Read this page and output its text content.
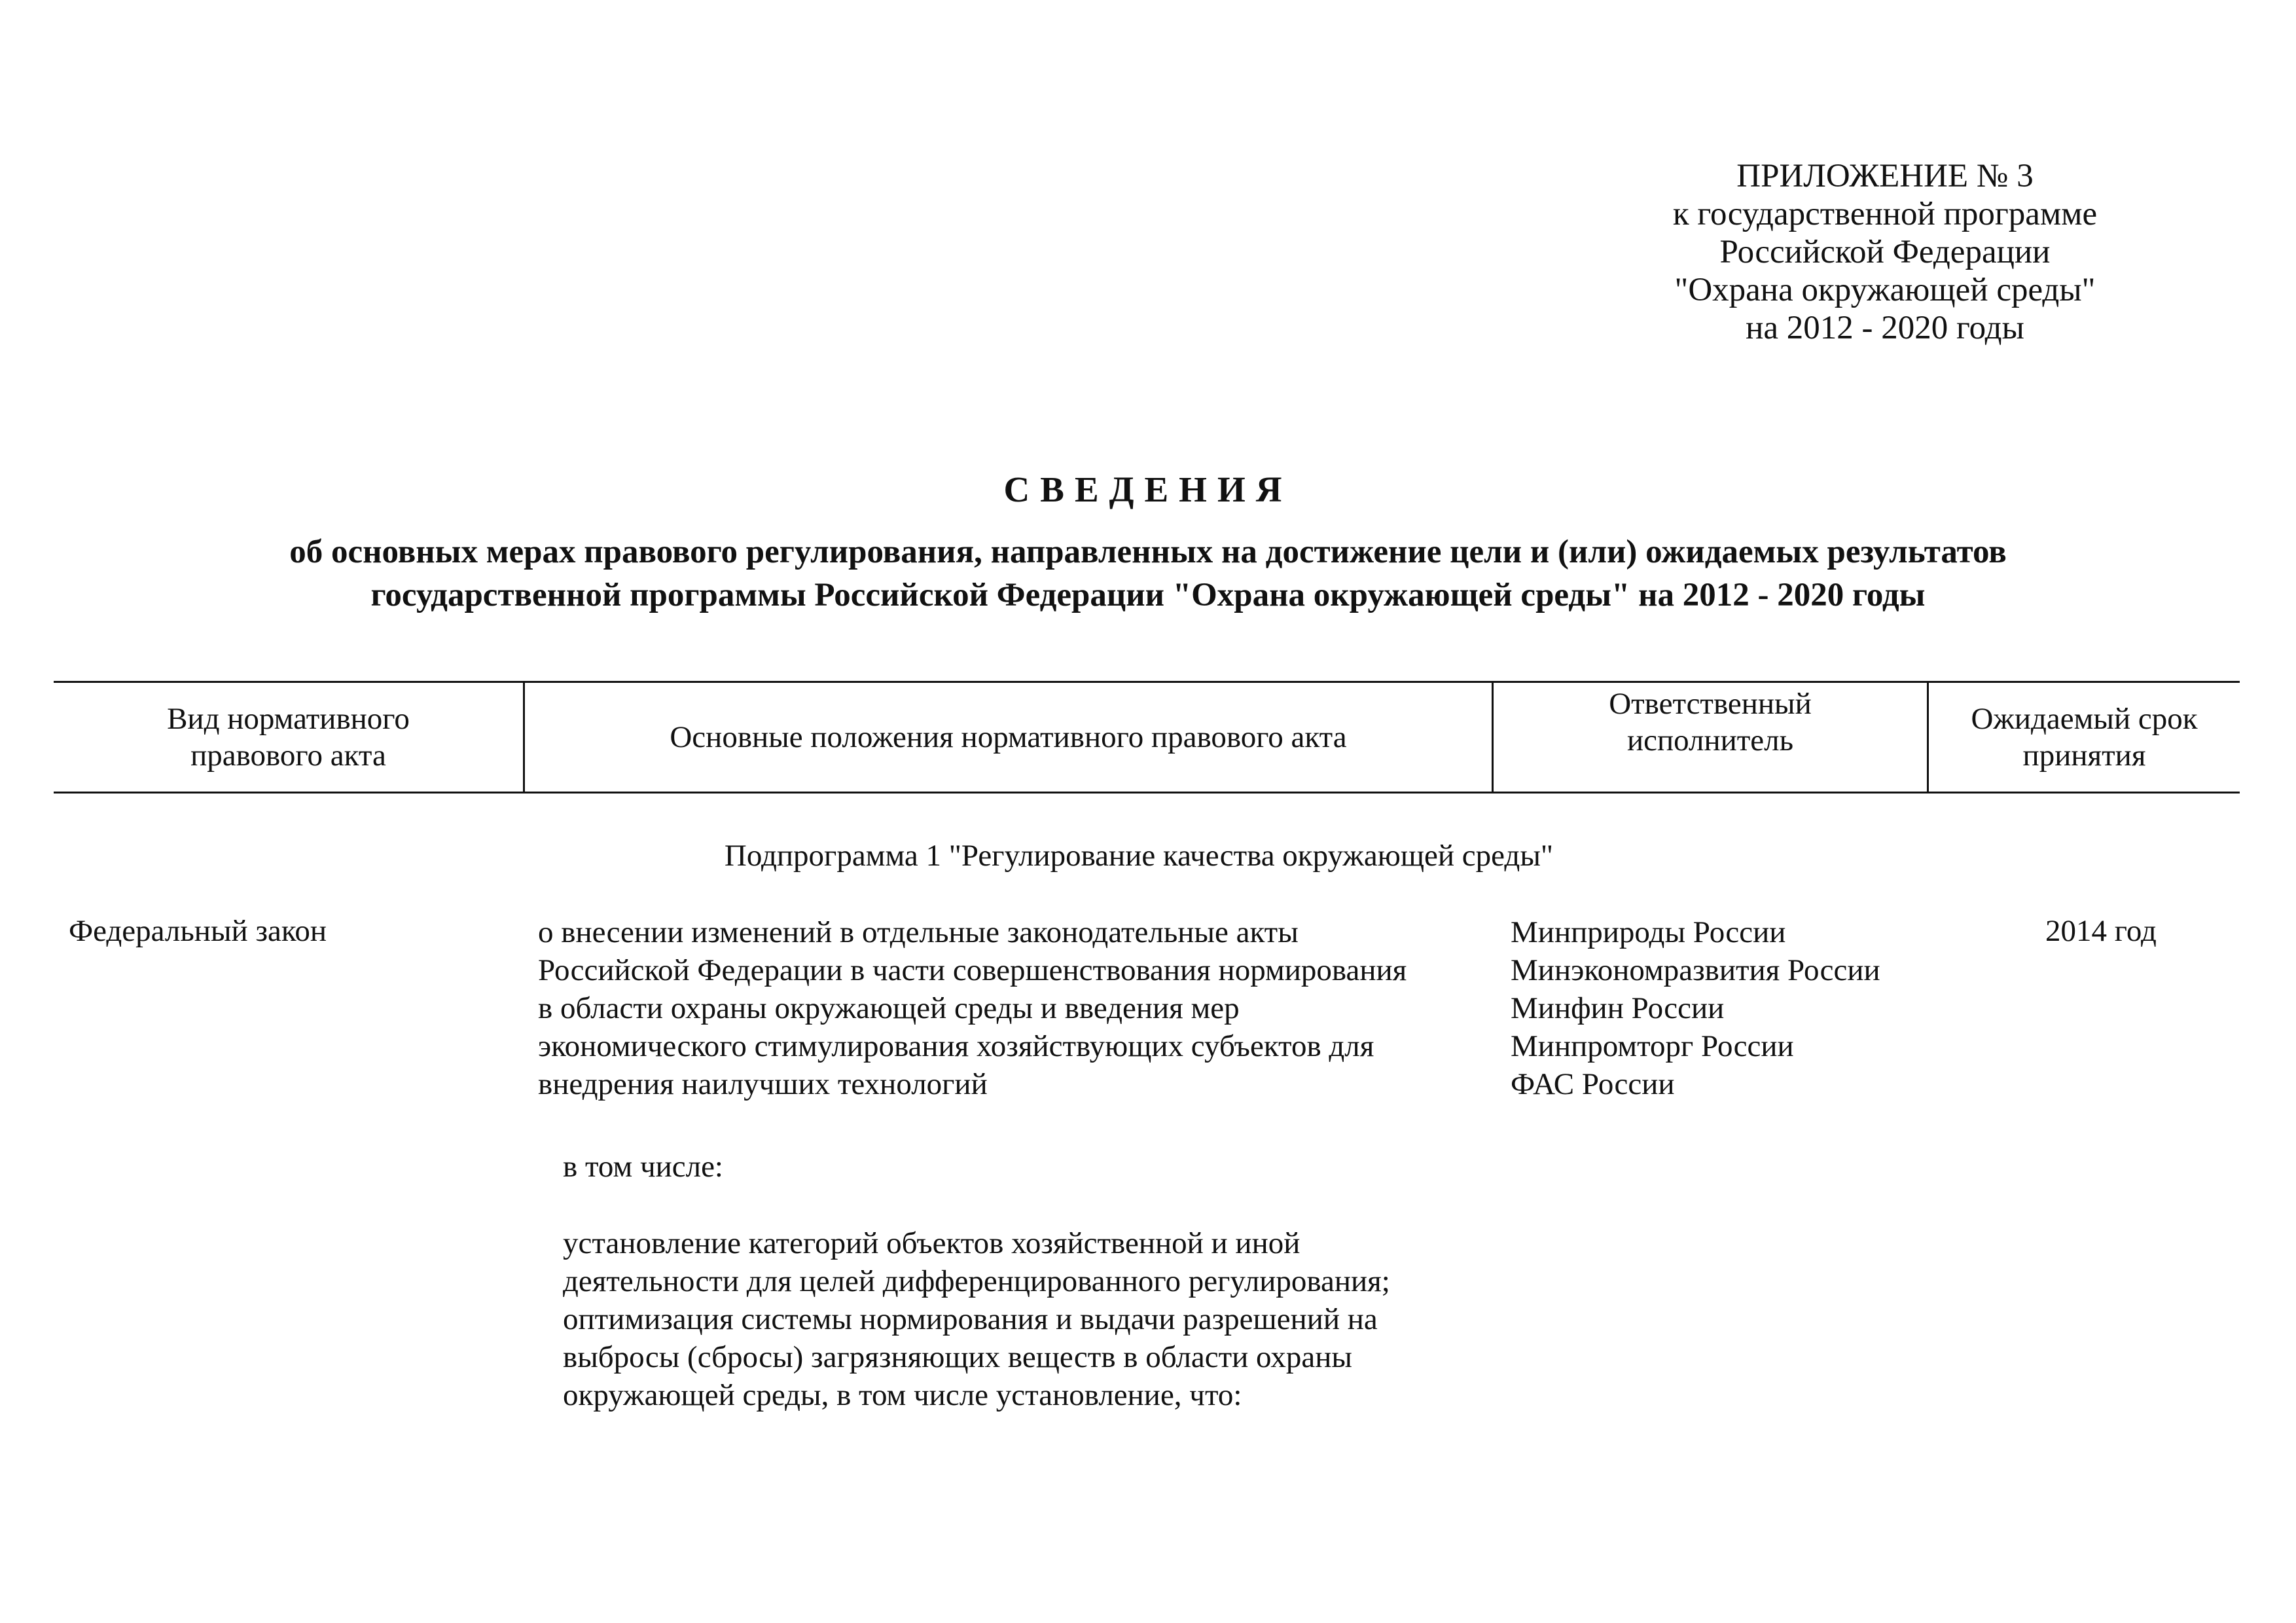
ПРИЛОЖЕНИЕ № 3
к государственной программе
Российской Федерации
"Охрана окружающей среды"
на 2012 - 2020 годы
СВЕДЕНИЯ
об основных мерах правового регулирования, направленных на достижение цели и (или) ожидаемых результатов
государственной программы Российской Федерации "Охрана окружающей среды" на 2012 - 2020 годы
Вид нормативного
правового акта
Основные положения нормативного правового акта
Ответственный
исполнитель
Ожидаемый срок
принятия
Подпрограмма 1 "Регулирование качества окружающей среды"
Федеральный закон	о внесении изменений в отдельные законодательные акты
Российской Федерации в части совершенствования нормирования
в области охраны окружающей среды и введения мер
экономического стимулирования хозяйствующих субъектов для
внедрения наилучших технологий
Минприроды России
Минэкономразвития России
Минфин России
Минпромторг России
ФАС России
2014 год
в том числе:
установление категорий объектов хозяйственной и иной
деятельности для целей дифференцированного регулирования;
оптимизация системы нормирования и выдачи разрешений на
выбросы (сбросы) загрязняющих веществ в области охраны
окружающей среды, в том числе установление, что:
